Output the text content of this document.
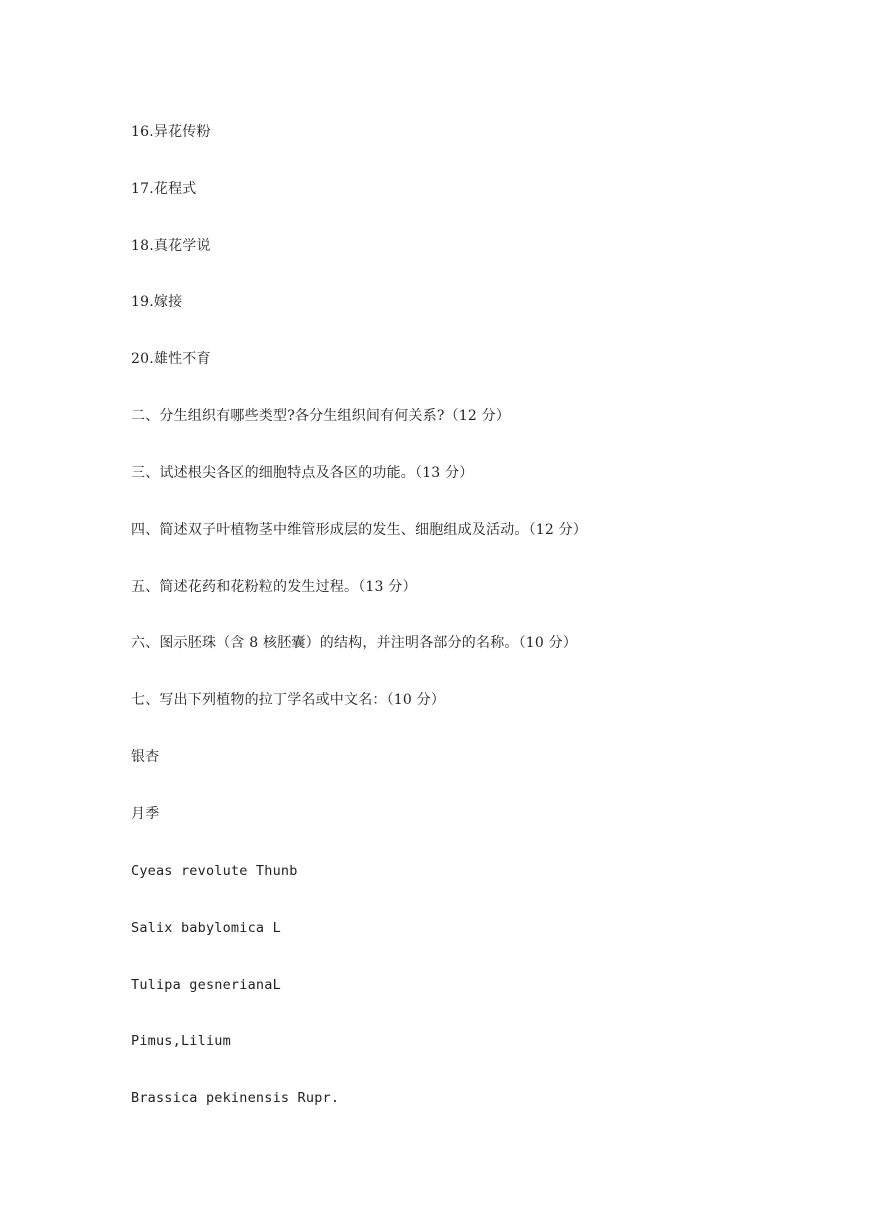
16.异花传粉
17.花程式
18.真花学说
19.嫁接
20.雄性不育
二、分生组织有哪些类型?各分生组织间有何关系?（12 分）
三、试述根尖各区的细胞特点及各区的功能。（13 分）
四、简述双子叶植物茎中维管形成层的发生、细胞组成及活动。（12 分）
五、简述花药和花粉粒的发生过程。（13 分）
六、图示胚珠（含 8 核胚囊）的结构，并注明各部分的名称。（10 分）
七、写出下列植物的拉丁学名或中文名：（10 分）
银杏
月季
Cyeas revolute Thunb
Salix babylomica L
Tulipa gesnerianaL
Pimus,Lilium
Brassica pekinensis Rupr.
